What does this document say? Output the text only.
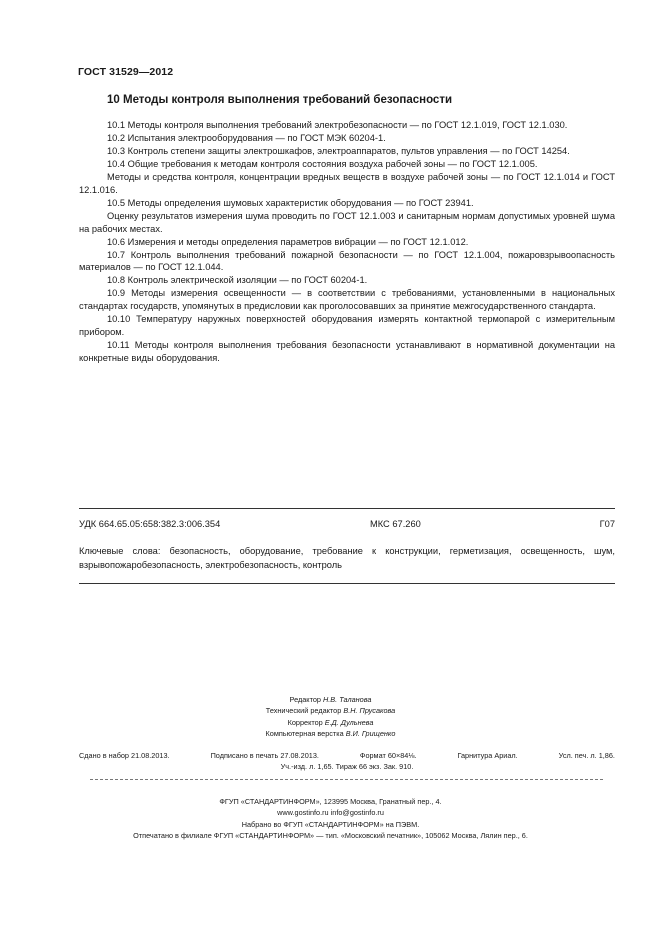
ГОСТ 31529—2012
10 Методы контроля выполнения требований безопасности

10.1 Методы контроля выполнения требований электробезопасности — по ГОСТ 12.1.019, ГОСТ 12.1.030.

10.2 Испытания электрооборудования — по ГОСТ МЭК 60204-1.

10.3 Контроль степени защиты электрошкафов, электроаппаратов, пультов управления — по ГОСТ 14254.

10.4 Общие требования к методам контроля состояния воздуха рабочей зоны — по ГОСТ 12.1.005.

Методы и средства контроля, концентрации вредных веществ в воздухе рабочей зоны — по ГОСТ 12.1.014 и ГОСТ 12.1.016.

10.5 Методы определения шумовых характеристик оборудования — по ГОСТ 23941.

Оценку результатов измерения шума проводить по ГОСТ 12.1.003 и санитарным нормам допустимых уровней шума на рабочих местах.

10.6 Измерения и методы определения параметров вибрации — по ГОСТ 12.1.012.

10.7 Контроль выполнения требований пожарной безопасности — по ГОСТ 12.1.004, пожаровзрывоопасность материалов — по ГОСТ 12.1.044.

10.8 Контроль электрической изоляции — по ГОСТ 60204-1.

10.9 Методы измерения освещенности — в соответствии с требованиями, установленными в национальных стандартах государств, упомянутых в предисловии как проголосовавших за принятие межгосударственного стандарта.

10.10 Температуру наружных поверхностей оборудования измерять контактной термопарой с измерительным прибором.

10.11 Методы контроля выполнения требования безопасности устанавливают в нормативной документации на конкретные виды оборудования.

УДК 664.65.05:658:382.3:006.354	МКС 67.260	Г07
Ключевые слова: безопасность, оборудование, требование к конструкции, герметизация, освещенность, шум, взрывопожаробезопасность, электробезопасность, контроль
Редактор Н.В. Таланова
Технический редактор В.Н. Прусакова
Корректор Е.Д. Дульнева
Компьютерная верстка В.И. Грищенко
Сдано в набор 21.08.2013.	Подписано в печать 27.08.2013.	Формат 60×84⅛.	Гарнитура Ариал.	Усл. печ. л. 1,86.
Уч.-изд. л. 1,65. Тираж 66 экз. Зак. 910.
ФГУП «СТАНДАРТИНФОРМ», 123995 Москва, Гранатный пер., 4.
www.gostinfo.ru info@gostinfo.ru
Набрано во ФГУП «СТАНДАРТИНФОРМ» на ПЭВМ.
Отпечатано в филиале ФГУП «СТАНДАРТИНФОРМ» — тип. «Московский печатник», 105062 Москва, Лялин пер., 6.
